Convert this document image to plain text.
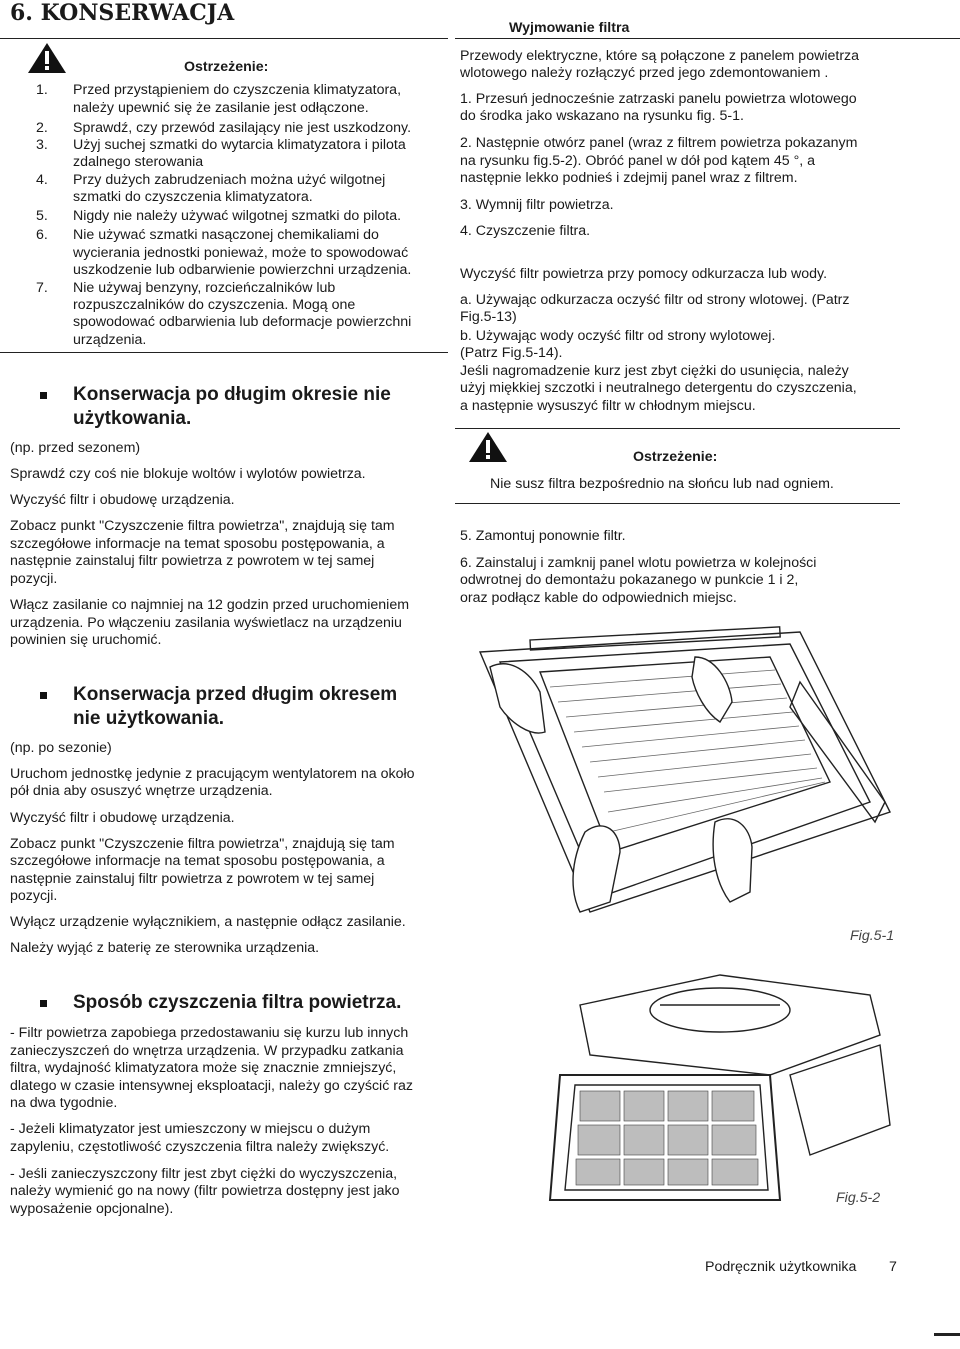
6. KONSERWACJA
Ostrzeżenie:
1. Przed przystąpieniem do czyszczenia klimatyzatora,
należy upewnić się że zasilanie jest odłączone.
2. Sprawdź, czy przewód zasilający nie jest uszkodzony.
3. Użyj suchej szmatki do wytarcia klimatyzatora i pilota
zdalnego sterowania
4. Przy dużych zabrudzeniach można użyć wilgotnej
szmatki do czyszczenia klimatyzatora.
5. Nigdy nie należy używać wilgotnej szmatki do pilota.
6. Nie używać szmatki nasączonej chemikaliami do
wycierania jednostki ponieważ, może to spowodować
uszkodzenie lub odbarwienie powierzchni urządzenia.
7. Nie używaj benzyny, rozcieńczalników lub
rozpuszczalników do czyszczenia. Mogą one
spowodować odbarwienia lub deformacje powierzchni
urządzenia.
Konserwacja po długim okresie nie
użytkowania.
(np. przed sezonem)
Sprawdź czy coś nie blokuje woltów i wylotów powietrza.
Wyczyść filtr i obudowę urządzenia.
Zobacz punkt "Czyszczenie filtra powietrza", znajdują się tam
szczegółowe informacje na temat sposobu postępowania, a
następnie zainstaluj filtr powietrza z powrotem w tej samej
pozycji.
Włącz zasilanie co najmniej na 12 godzin przed uruchomieniem
urządzenia. Po włączeniu zasilania wyświetlacz na urządzeniu
powinien się uruchomić.
Konserwacja przed długim okresem
nie użytkowania.
(np. po sezonie)
Uruchom jednostkę jedynie z pracującym wentylatorem na około
pół dnia aby osuszyć wnętrze urządzenia.
Wyczyść filtr i obudowę urządzenia.
Zobacz punkt "Czyszczenie filtra powietrza", znajdują się tam
szczegółowe informacje na temat sposobu postępowania, a
następnie zainstaluj filtr powietrza z powrotem w tej samej
pozycji.
Wyłącz urządzenie wyłącznikiem, a następnie odłącz zasilanie.
Należy wyjąć z baterię ze sterownika urządzenia.
Sposób czyszczenia filtra powietrza.
- Filtr powietrza zapobiega przedostawaniu się kurzu lub innych
zanieczyszczeń do wnętrza urządzenia. W przypadku zatkania
filtra, wydajność klimatyzatora może się znacznie zmniejszyć,
dlatego w czasie intensywnej eksploatacji, należy go czyścić raz
na dwa tygodnie.
- Jeżeli klimatyzator jest umieszczony w miejscu o dużym
zapyleniu, częstotliwość czyszczenia filtra należy zwiększyć.
- Jeśli zanieczyszczony filtr jest zbyt ciężki do wyczyszczenia,
należy wymienić go na nowy (filtr powietrza dostępny jest jako
wyposażenie opcjonalne).
Wyjmowanie filtra
Przewody elektryczne, które są połączone z panelem powietrza
wlotowego należy rozłączyć przed jego zdemontowaniem .
1. Przesuń jednocześnie zatrzaski panelu powietrza wlotowego
do środka jako wskazano na rysunku fig. 5-1.
2. Następnie otwórz panel (wraz z filtrem powietrza pokazanym
na rysunku fig.5-2). Obróć panel w dół pod kątem 45 °, a
następnie lekko podnieś i zdejmij panel wraz z filtrem.
3. Wymnij filtr powietrza.
4. Czyszczenie filtra.
Wyczyść filtr powietrza przy pomocy odkurzacza lub wody.
a. Używając odkurzacza oczyść filtr od strony wlotowej. (Patrz
Fig.5-13)
b. Używając wody oczyść filtr od strony wylotowej.
(Patrz Fig.5-14).
Jeśli nagromadzenie kurz jest zbyt ciężki do usunięcia, należy
użyj miękkiej szczotki i neutralnego detergentu do czyszczenia,
a następnie wysuszyć filtr w chłodnym miejscu.
Ostrzeżenie:
Nie susz filtra bezpośrednio na słońcu lub nad ogniem.
5. Zamontuj ponownie filtr.
6. Zainstaluj i zamknij panel wlotu powietrza w kolejności
odwrotnej do demontażu pokazanego w punkcie 1 i 2,
oraz podłącz kable do odpowiednich miejsc.
Fig.5-1
Fig.5-2
Podręcznik użytkownika 7
